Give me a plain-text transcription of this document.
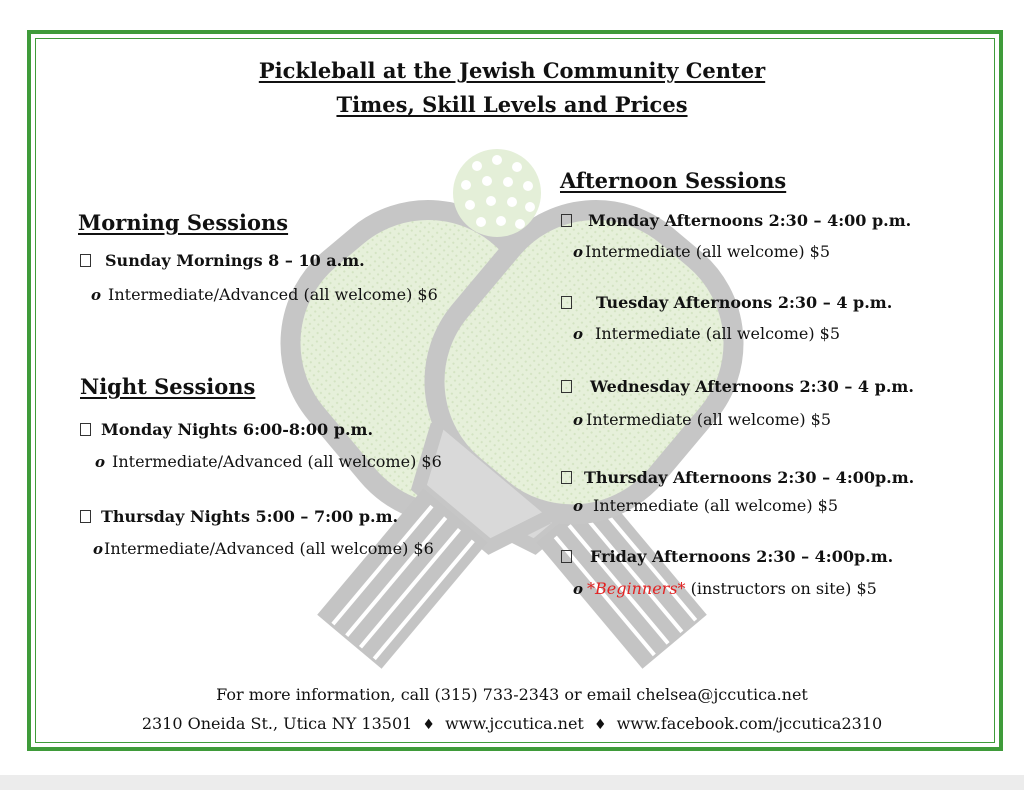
Pickleball at the Jewish Community Center
Times, Skill Levels and Prices
Morning Sessions
Sunday Mornings 8 – 10 a.m.
o Intermediate/Advanced (all welcome) $6
Night Sessions
Monday Nights 6:00-8:00 p.m.
o Intermediate/Advanced (all welcome) $6
Thursday Nights 5:00 – 7:00 p.m.
oIntermediate/Advanced (all welcome) $6
Afternoon Sessions
Monday Afternoons 2:30 – 4:00 p.m.
o Intermediate (all welcome) $5
Tuesday Afternoons 2:30 – 4 p.m.
o Intermediate (all welcome) $5
Wednesday Afternoons 2:30 – 4 p.m.
o Intermediate (all welcome) $5
Thursday Afternoons 2:30 – 4:00p.m.
o Intermediate (all welcome) $5
Friday Afternoons 2:30 – 4:00p.m.
o *Beginners* (instructors on site) $5
For more information, call (315) 733-2343 or email chelsea@jccutica.net
2310 Oneida St., Utica NY 13501 ♦ www.jccutica.net ♦ www.facebook.com/jccutica2310
